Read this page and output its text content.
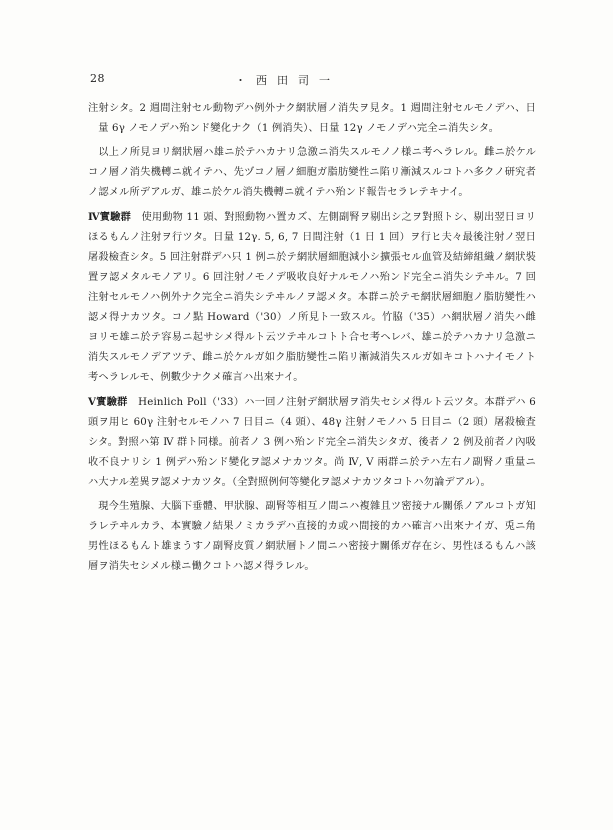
28	・西田司一

注射シタ。2 週間注射セル動物デハ例外ナク網狀層ノ消失ヲ見タ。1 週間注射セルモノデハ、日量 6γ ノモノデハ殆ンド變化ナク（1 例消失）、日量 12γ ノモノデハ完全ニ消失シタ。

以上ノ所見ヨリ網狀層ハ雄ニ於テハカナリ急激ニ消失スルモノノ様ニ考ヘラレル。雌ニ於ケルコノ層ノ消失機轉ニ就イテハ、先ヅコノ層ノ細胞ガ脂肪變性ニ陷リ漸減スルコトハ多クノ研究者ノ認メル所デアルガ、雄ニ於ケル消失機轉ニ就イテハ殆ンド報告セラレテキナイ。

Ⅳ實驗群　使用動物 11 頭、對照動物ハ置カズ、左側副腎ヲ剔出シ之ヲ對照トシ、剔出翌日ヨリほるもんノ注射ヲ行ツタ。日量 12γ. 5, 6, 7 日間注射（1 日 1 回）ヲ行ヒ夫々最後注射ノ翌日屠殺檢査シタ。5 回注射群デハ只 1 例ニ於テ網狀層細胞減小シ擴張セル血管及結締組織ノ網狀裝置ヲ認メタルモノアリ。6 回注射ノモノデ吸收良好ナルモノハ殆ンド完全ニ消失シテヰル。7 回注射セルモノハ例外ナク完全ニ消失シテヰルノヲ認メタ。本群ニ於テモ網狀層細胞ノ脂肪變性ハ認メ得ナカツタ。コノ點 Howard（'30）ノ所見ト一致スル。竹脇（'35）ハ網狀層ノ消失ハ雌ヨリモ雄ニ於テ容易ニ起サシメ得ルト云ツテヰルコトト合セ考ヘレバ、雄ニ於テハカナリ急激ニ消失スルモノデアツテ、雌ニ於ケルガ如ク脂肪變性ニ陷リ漸減消失スルガ如キコトハナイモノト考ヘラレルモ、例數少ナクメ確言ハ出來ナイ。

Ⅴ實驗群　Heinlich Poll（'33）ハ一回ノ注射デ網狀層ヲ消失セシメ得ルト云ツタ。本群デハ 6 頭ヲ用ヒ 60γ 注射セルモノハ 7 日目ニ（4 頭）、48γ 注射ノモノハ 5 日目ニ（2 頭）屠殺檢査シタ。對照ハ第 Ⅳ 群ト同様。前者ノ 3 例ハ殆ンド完全ニ消失シタガ、後者ノ 2 例及前者ノ內吸收不良ナリシ 1 例デハ殆ンド變化ヲ認メナカツタ。尚 Ⅳ, Ⅴ 兩群ニ於テハ左右ノ副腎ノ重量ニハ大ナル差異ヲ認メナカツタ。（全對照例何等變化ヲ認メナカツタコトハ勿論デアル）。

現今生殖腺、大腦下垂體、甲狀腺、副腎等相互ノ間ニハ複雜且ツ密接ナル關係ノアルコトガ知ラレテヰルカラ、本實驗ノ結果ノミカラデハ直接的カ或ハ間接的カハ確言ハ出來ナイガ、兎ニ角男性ほるもんト雄まうすノ副腎皮質ノ網狀層トノ間ニハ密接ナ關係ガ存在シ、男性ほるもんハ該層ヲ消失セシメル様ニ働クコトハ認メ得ラレル。
